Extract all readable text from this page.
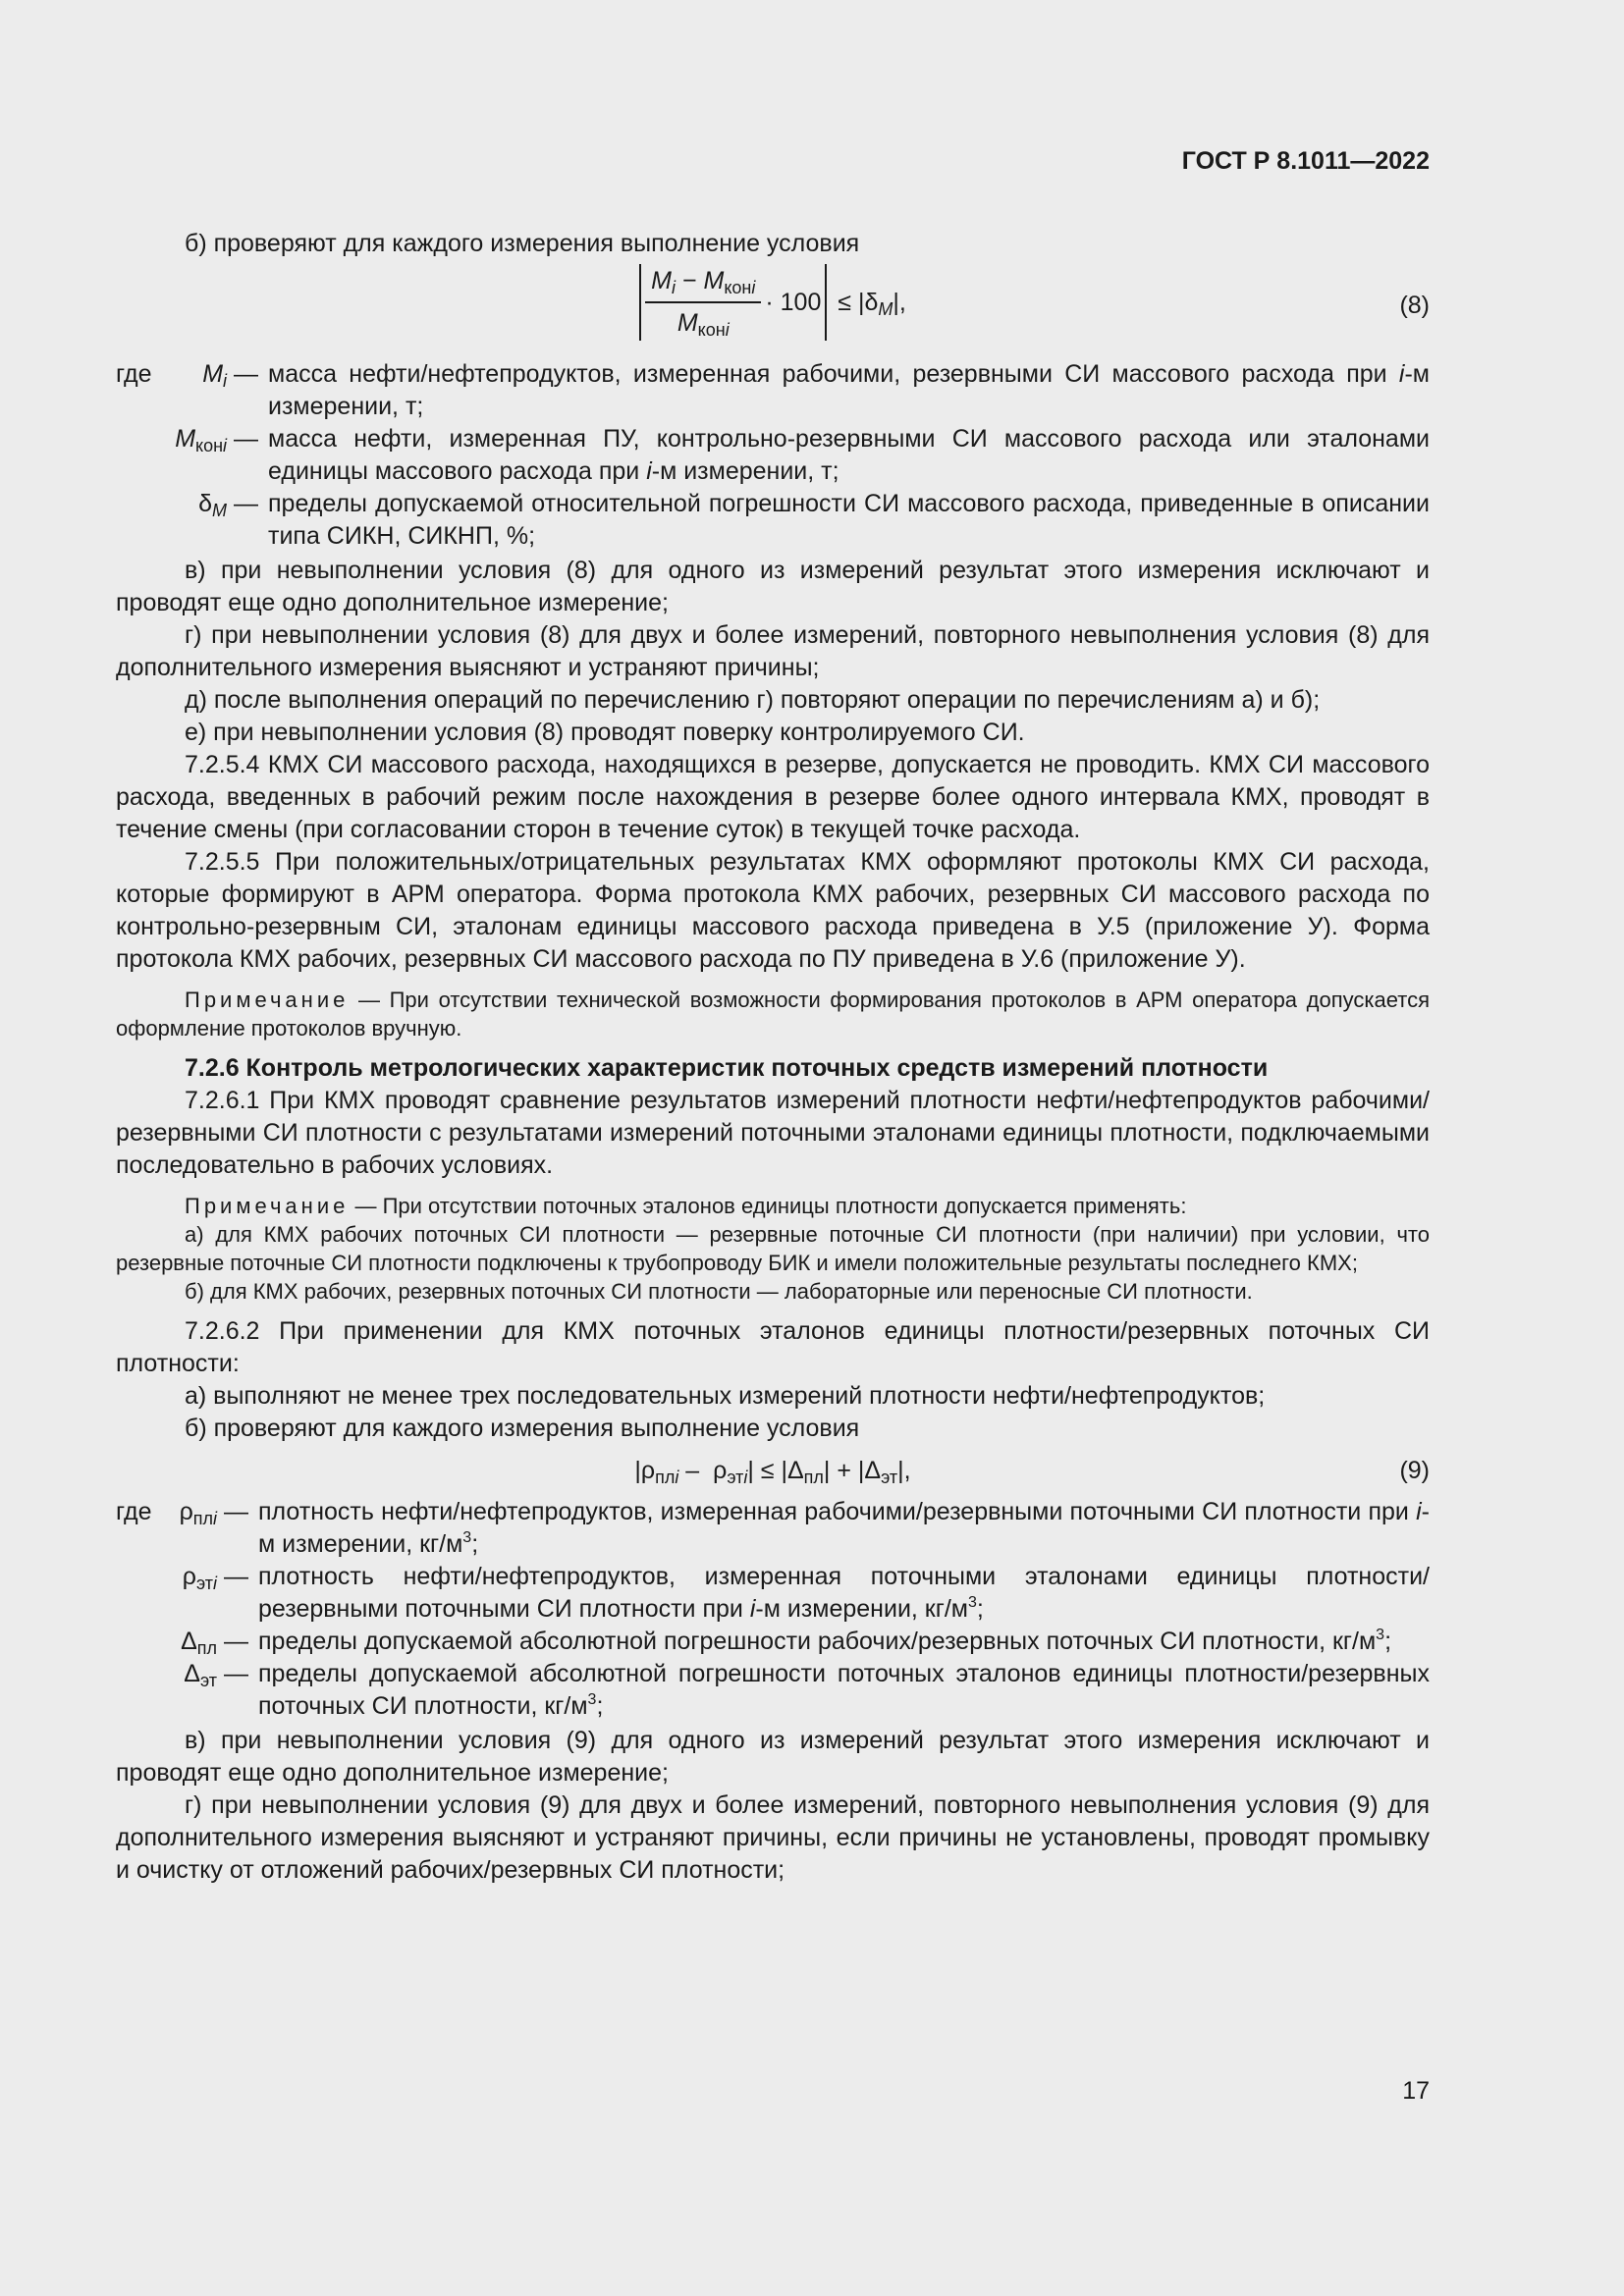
ГОСТ Р 8.1011—2022

б) проверяют для каждого измерения выполнение условия

$\frac{M_i - M_{конi}}{M_{конi}} \cdot 100 \le |\delta_M|$,	(8)
где $M_i$ — масса нефти/нефтепродуктов, измеренная рабочими, резервными СИ массового расхода при i-м измерении, т;
$M_{конi}$ — масса нефти, измеренная ПУ, контрольно-резервными СИ массового расхода или эталонами единицы массового расхода при i-м измерении, т;
$\delta_M$ — пределы допускаемой относительной погрешности СИ массового расхода, приведенные в описании типа СИКН, СИКНП, %;

в) при невыполнении условия (8) для одного из измерений результат этого измерения исключают и проводят еще одно дополнительное измерение;

г) при невыполнении условия (8) для двух и более измерений, повторного невыполнения условия (8) для дополнительного измерения выясняют и устраняют причины;

д) после выполнения операций по перечислению г) повторяют операции по перечислениям а) и б);

е) при невыполнении условия (8) проводят поверку контролируемого СИ.

7.2.5.4 КМХ СИ массового расхода, находящихся в резерве, допускается не проводить. КМХ СИ массового расхода, введенных в рабочий режим после нахождения в резерве более одного интервала КМХ, проводят в течение смены (при согласовании сторон в течение суток) в текущей точке расхода.

7.2.5.5 При положительных/отрицательных результатах КМХ оформляют протоколы КМХ СИ расхода, которые формируют в АРМ оператора. Форма протокола КМХ рабочих, резервных СИ массового расхода по контрольно-резервным СИ, эталонам единицы массового расхода приведена в У.5 (приложение У). Форма протокола КМХ рабочих, резервных СИ массового расхода по ПУ приведена в У.6 (приложение У).

Примечание — При отсутствии технической возможности формирования протоколов в АРМ оператора допускается оформление протоколов вручную.

7.2.6 Контроль метрологических характеристик поточных средств измерений плотности

7.2.6.1 При КМХ проводят сравнение результатов измерений плотности нефти/нефтепродуктов рабочими/резервными СИ плотности с результатами измерений поточными эталонами единицы плотности, подключаемыми последовательно в рабочих условиях.

Примечание — При отсутствии поточных эталонов единицы плотности допускается применять:

а) для КМХ рабочих поточных СИ плотности — резервные поточные СИ плотности (при наличии) при условии, что резервные поточные СИ плотности подключены к трубопроводу БИК и имели положительные результаты последнего КМХ;

б) для КМХ рабочих, резервных поточных СИ плотности — лабораторные или переносные СИ плотности.

7.2.6.2 При применении для КМХ поточных эталонов единицы плотности/резервных поточных СИ плотности:

а) выполняют не менее трех последовательных измерений плотности нефти/нефтепродуктов;

б) проверяют для каждого измерения выполнение условия

$|\rho_{плi} - \rho_{этi}| \le |\Delta_{пл}| + |\Delta_{эт}|$,	(9)
где $\rho_{плi}$ — плотность нефти/нефтепродуктов, измеренная рабочими/резервными поточными СИ плотности при i-м измерении, $кг/м^3$;
$\rho_{этi}$ — плотность нефти/нефтепродуктов, измеренная поточными эталонами единицы плотности/резервными поточными СИ плотности при i-м измерении, $кг/м^3$;
$\Delta_{пл}$ — пределы допускаемой абсолютной погрешности рабочих/резервных поточных СИ плотности, $кг/м^3$;
$\Delta_{эт}$ — пределы допускаемой абсолютной погрешности поточных эталонов единицы плотности/резервных поточных СИ плотности, $кг/м^3$;

в) при невыполнении условия (9) для одного из измерений результат этого измерения исключают и проводят еще одно дополнительное измерение;

г) при невыполнении условия (9) для двух и более измерений, повторного невыполнения условия (9) для дополнительного измерения выясняют и устраняют причины, если причины не установлены, проводят промывку и очистку от отложений рабочих/резервных СИ плотности;

17
